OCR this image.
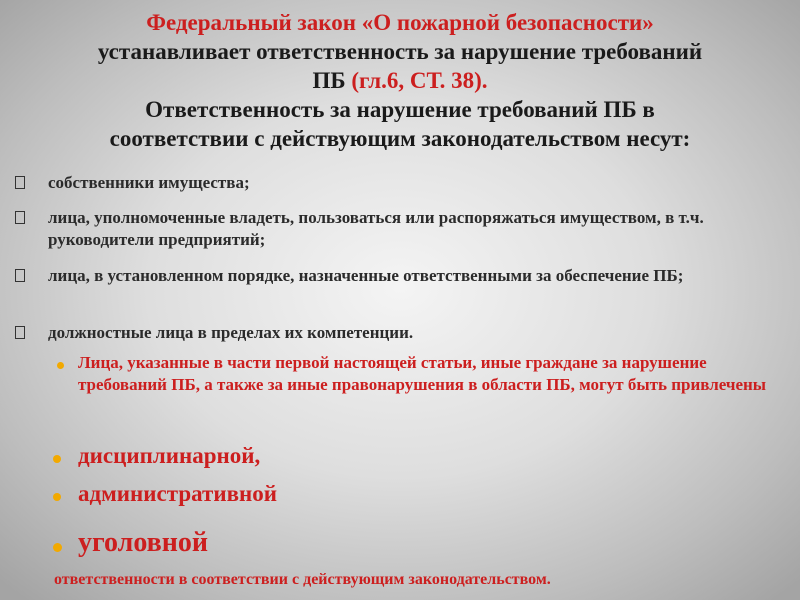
Федеральный закон «О пожарной безопасности»
устанавливает ответственность за нарушение требований
ПБ (гл.6, СТ. 38).
Ответственность за нарушение требований ПБ в
соответствии с действующим законодательством несут:
собственники имущества;
лица, уполномоченные владеть, пользоваться или распоряжаться имуществом, в т.ч. руководители предприятий;
лица, в установленном порядке, назначенные ответственными за обеспечение ПБ;
должностные лица в пределах их компетенции.
Лица, указанные в части первой настоящей статьи, иные граждане за нарушение требований ПБ, а также за иные правонарушения в области ПБ, могут быть привлечены
дисциплинарной,
административной
уголовной
ответственности в соответствии с действующим законодательством.
